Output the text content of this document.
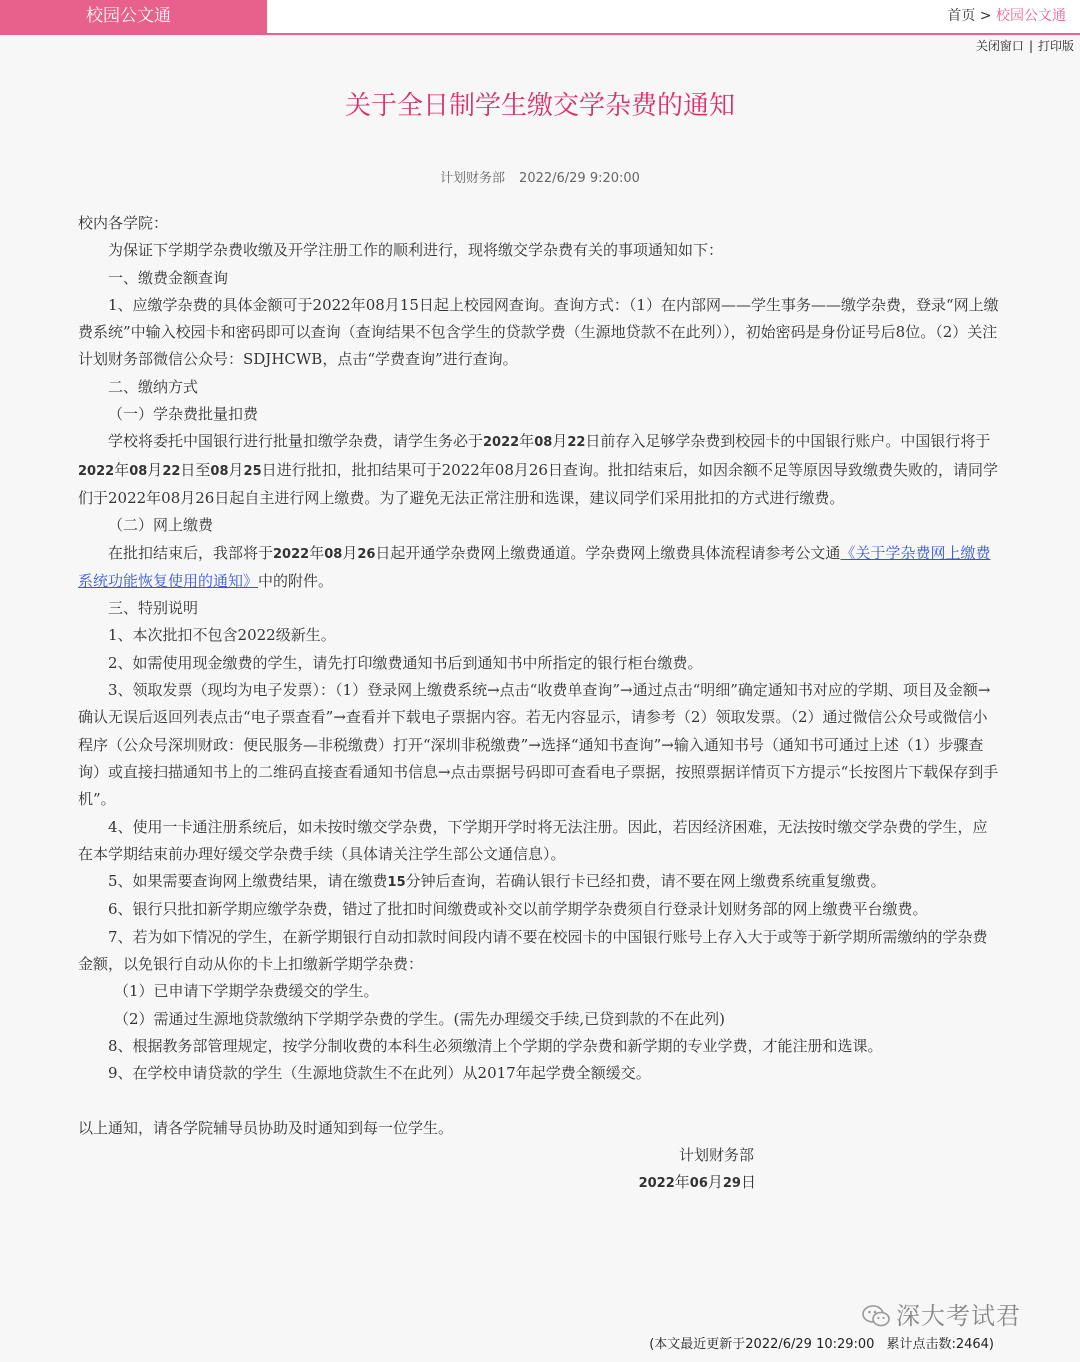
校园公文通	首页 > 校园公文通
关闭窗口 | 打印版
关于全日制学生缴交学杂费的通知
计划财务部 2022/6/29 9:20:00

校内各学院：

为保证下学期学杂费收缴及开学注册工作的顺利进行，现将缴交学杂费有关的事项通知如下：

一、缴费金额查询

1、应缴学杂费的具体金额可于2022年08月15日起上校园网查询。查询方式：（1）在内部网——学生事务——缴学杂费，登录“网上缴费系统”中输入校园卡和密码即可以查询（查询结果不包含学生的贷款学费（生源地贷款不在此列）），初始密码是身份证号后8位。（2）关注计划财务部微信公众号：SDJHCWB，点击“学费查询”进行查询。

二、缴纳方式

（一）学杂费批量扣费

学校将委托中国银行进行批量扣缴学杂费，请学生务必于2022年08月22日前存入足够学杂费到校园卡的中国银行账户。中国银行将于2022年08月22日至08月25日进行批扣，批扣结果可于2022年08月26日查询。批扣结束后，如因余额不足等原因导致缴费失败的，请同学们于2022年08月26日起自主进行网上缴费。为了避免无法正常注册和选课，建议同学们采用批扣的方式进行缴费。

（二）网上缴费

在批扣结束后，我部将于2022年08月26日起开通学杂费网上缴费通道。学杂费网上缴费具体流程请参考公文通《关于学杂费网上缴费系统功能恢复使用的通知》中的附件。

三、特别说明

1、本次批扣不包含2022级新生。

2、如需使用现金缴费的学生，请先打印缴费通知书后到通知书中所指定的银行柜台缴费。

3、领取发票（现均为电子发票）：（1）登录网上缴费系统→点击“收费单查询”→通过点击“明细”确定通知书对应的学期、项目及金额→确认无误后返回列表点击“电子票查看”→查看并下载电子票据内容。若无内容显示，请参考（2）领取发票。（2）通过微信公众号或微信小程序（公众号深圳财政：便民服务—非税缴费）打开“深圳非税缴费”→选择“通知书查询”→输入通知书号（通知书可通过上述（1）步骤查询）或直接扫描通知书上的二维码直接查看通知书信息→点击票据号码即可查看电子票据，按照票据详情页下方提示“长按图片下载保存到手机”。

4、使用一卡通注册系统后，如未按时缴交学杂费，下学期开学时将无法注册。因此，若因经济困难，无法按时缴交学杂费的学生，应在本学期结束前办理好缓交学杂费手续（具体请关注学生部公文通信息）。

5、如果需要查询网上缴费结果，请在缴费15分钟后查询，若确认银行卡已经扣费，请不要在网上缴费系统重复缴费。

6、银行只批扣新学期应缴学杂费，错过了批扣时间缴费或补交以前学期学杂费须自行登录计划财务部的网上缴费平台缴费。

7、若为如下情况的学生，在新学期银行自动扣款时间段内请不要在校园卡的中国银行账号上存入大于或等于新学期所需缴纳的学杂费金额，以免银行自动从你的卡上扣缴新学期学杂费：

（1）已申请下学期学杂费缓交的学生。

（2）需通过生源地贷款缴纳下学期学杂费的学生。(需先办理缓交手续,已贷到款的不在此列)

8、根据教务部管理规定，按学分制收费的本科生必须缴清上个学期的学杂费和新学期的专业学费，才能注册和选课。

9、在学校申请贷款的学生（生源地贷款生不在此列）从2017年起学费全额缓交。

以上通知，请各学院辅导员协助及时通知到每一位学生。

计划财务部

2022年06月29日

深大考试君
(本文最近更新于2022/6/29 10:29:00 累计点击数:2464)
